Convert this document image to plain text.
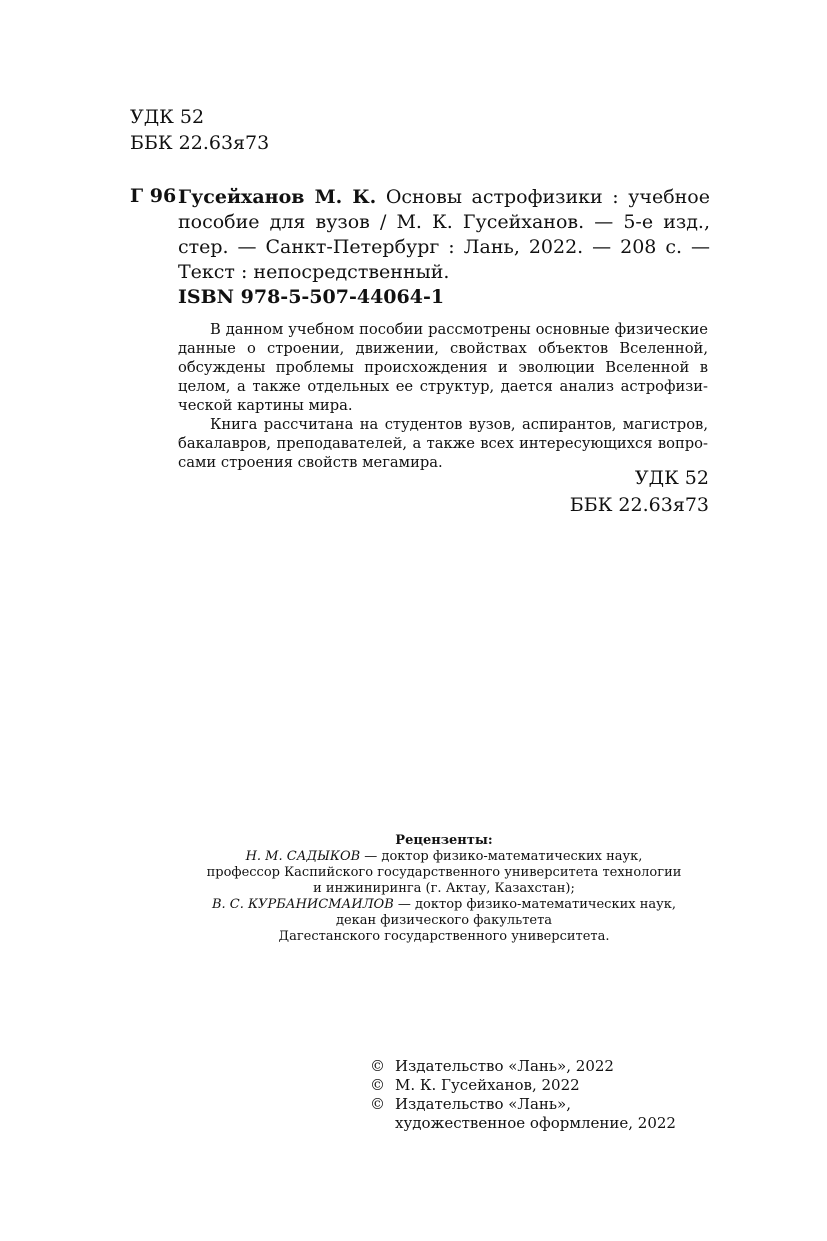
УДК 52
ББК 22.63я73
Г 96 Гусейханов М. К. Основы астрофизики : учебное
пособие для вузов / М. К. Гусейханов. — 5-е изд.,
стер. — Санкт-Петербург : Лань, 2022. — 208 с. —
Текст : непосредственный.
ISBN 978-5-507-44064-1
В данном учебном пособии рассмотрены основные физические
данные о строении, движении, свойствах объектов Вселенной,
обсуждены проблемы происхождения и эволюции Вселенной в
целом, а также отдельных ее структур, дается анализ астрофизи-
ческой картины мира.
Книга рассчитана на студентов вузов, аспирантов, магистров,
бакалавров, преподавателей, а также всех интересующихся вопро-
сами строения свойств мегамира.
УДК 52
ББК 22.63я73
Рецензенты:
Н. М. САДЫКОВ — доктор физико-математических наук,
профессор Каспийского государственного университета технологии
и инжиниринга (г. Актау, Казахстан);
В. С. КУРБАНИСМАИЛОВ — доктор физико-математических наук,
декан физического факультета
Дагестанского государственного университета.
© Издательство «Лань», 2022
© М. К. Гусейханов, 2022
© Издательство «Лань»,
художественное оформление, 2022
